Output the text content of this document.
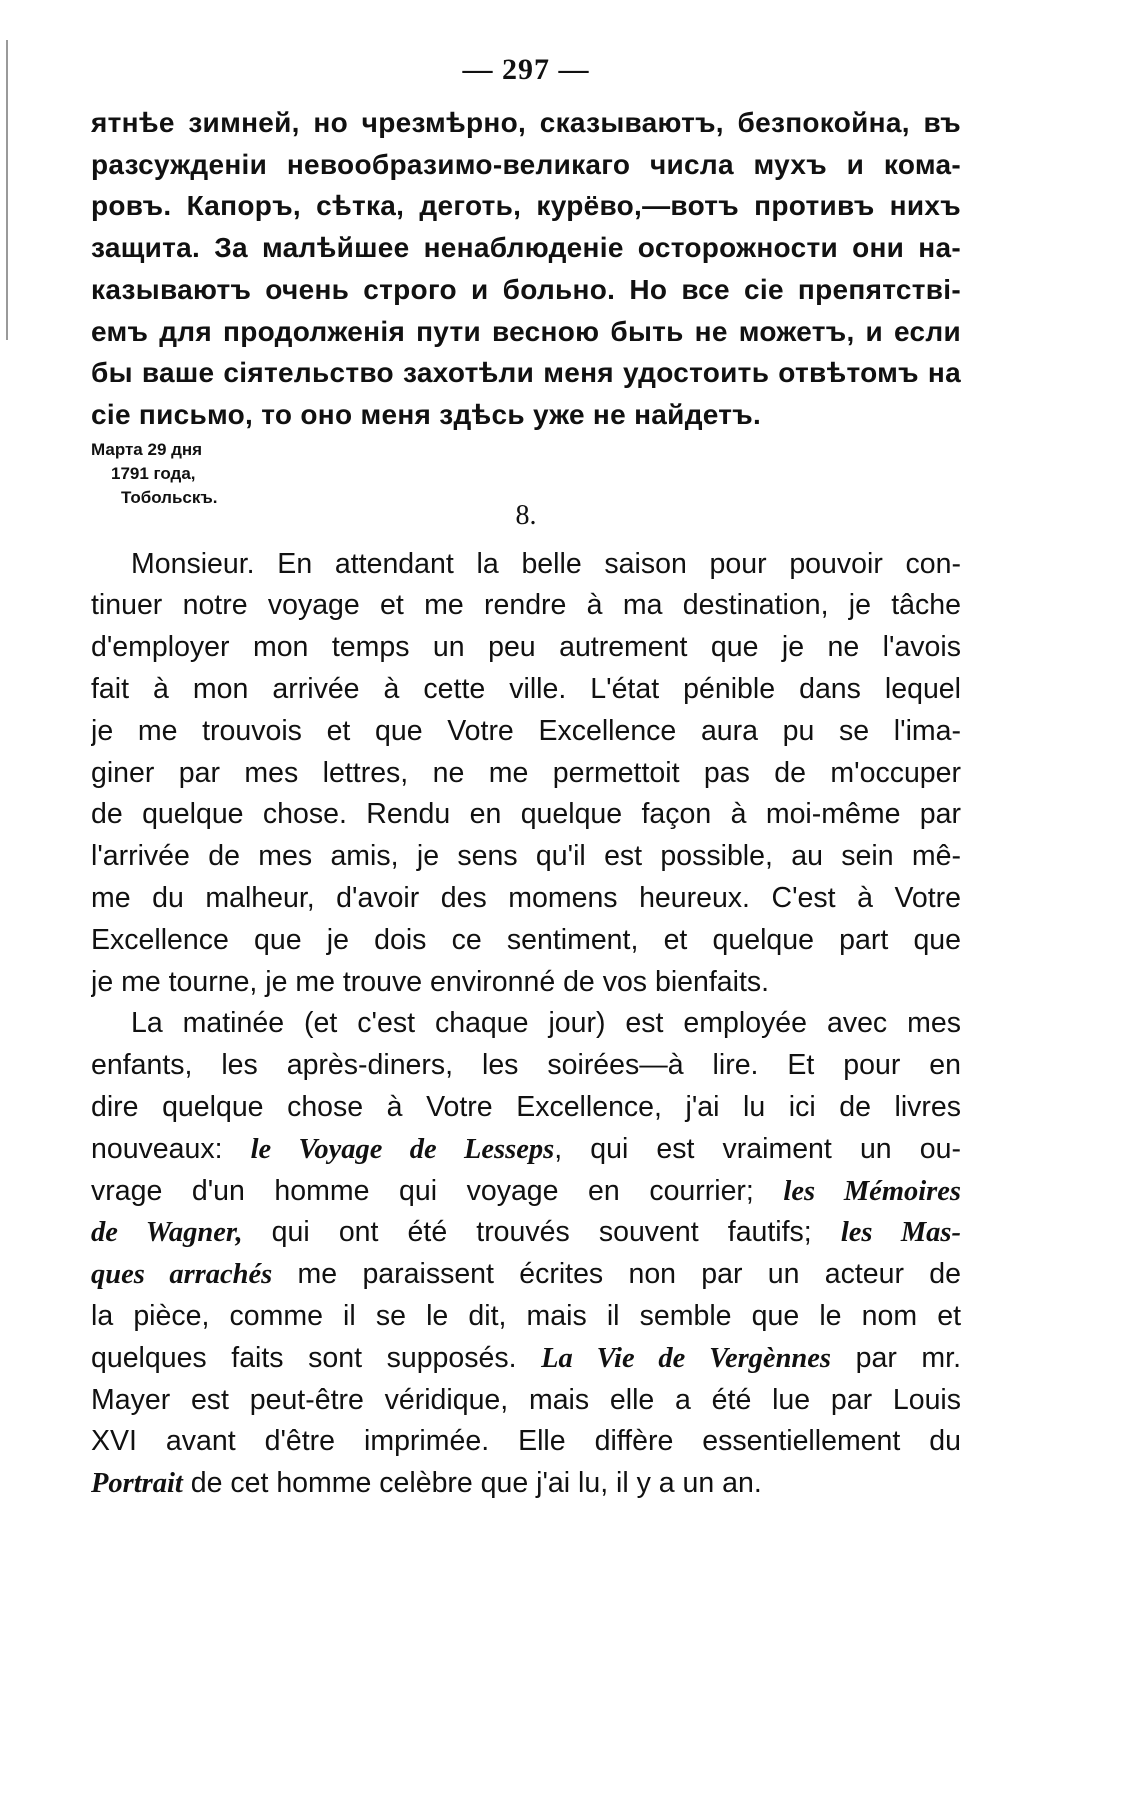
— 297 —
ятнѣе зимней, но чрезмѣрно, сказываютъ, безпокойна, въ
разсужденіи невообразимо-великаго числа мухъ и кома-
ровъ. Капоръ, сѣтка, деготь, курёво,—вотъ противъ нихъ
защита. За малѣйшее ненаблюденіе осторожности они на-
казываютъ очень строго и больно. Но все сіе препятствi-
емъ для продолженія пути весною быть не можетъ, и если
бы ваше сіятельство захотѣли меня удостоить отвѣтомъ на
сіе письмо, то оно меня здѣсь уже не найдетъ.
Марта 29 дня
1791 года,
Тобольскъ.
8.
Monsieur. En attendant la belle saison pour pouvoir con-
tinuer notre voyage et me rendre à ma destination, je tâche
d'employer mon temps un peu autrement que je ne l'avois
fait à mon arrivée à cette ville. L'état pénible dans lequel
je me trouvois et que Votre Excellence aura pu se l'ima-
giner par mes lettres, ne me permettoit pas de m'occuper
de quelque chose. Rendu en quelque façon à moi-même par
l'arrivée de mes amis, je sens qu'il est possible, au sein mê-
me du malheur, d'avoir des momens heureux. C'est à Votre
Excellence que je dois ce sentiment, et quelque part que
je me tourne, je me trouve environné de vos bienfaits.
La matinée (et c'est chaque jour) est employée avec mes
enfants, les après-diners, les soirées—à lire. Et pour en
dire quelque chose à Votre Excellence, j'ai lu ici de livres
nouveaux: le Voyage de Lesseps, qui est vraiment un ou-
vrage d'un homme qui voyage en courrier; les Mémoires
de Wagner, qui ont été trouvés souvent fautifs; les Mas-
ques arrachés me paraissent écrites non par un acteur de
la pièce, comme il se le dit, mais il semble que le nom et
quelques faits sont supposés. La Vie de Vergènnes par mr.
Mayer est peut-être véridique, mais elle a été lue par Louis
XVI avant d'être imprimée. Elle diffère essentiellement du
Portrait de cet homme celèbre que j'ai lu, il y a un an.
